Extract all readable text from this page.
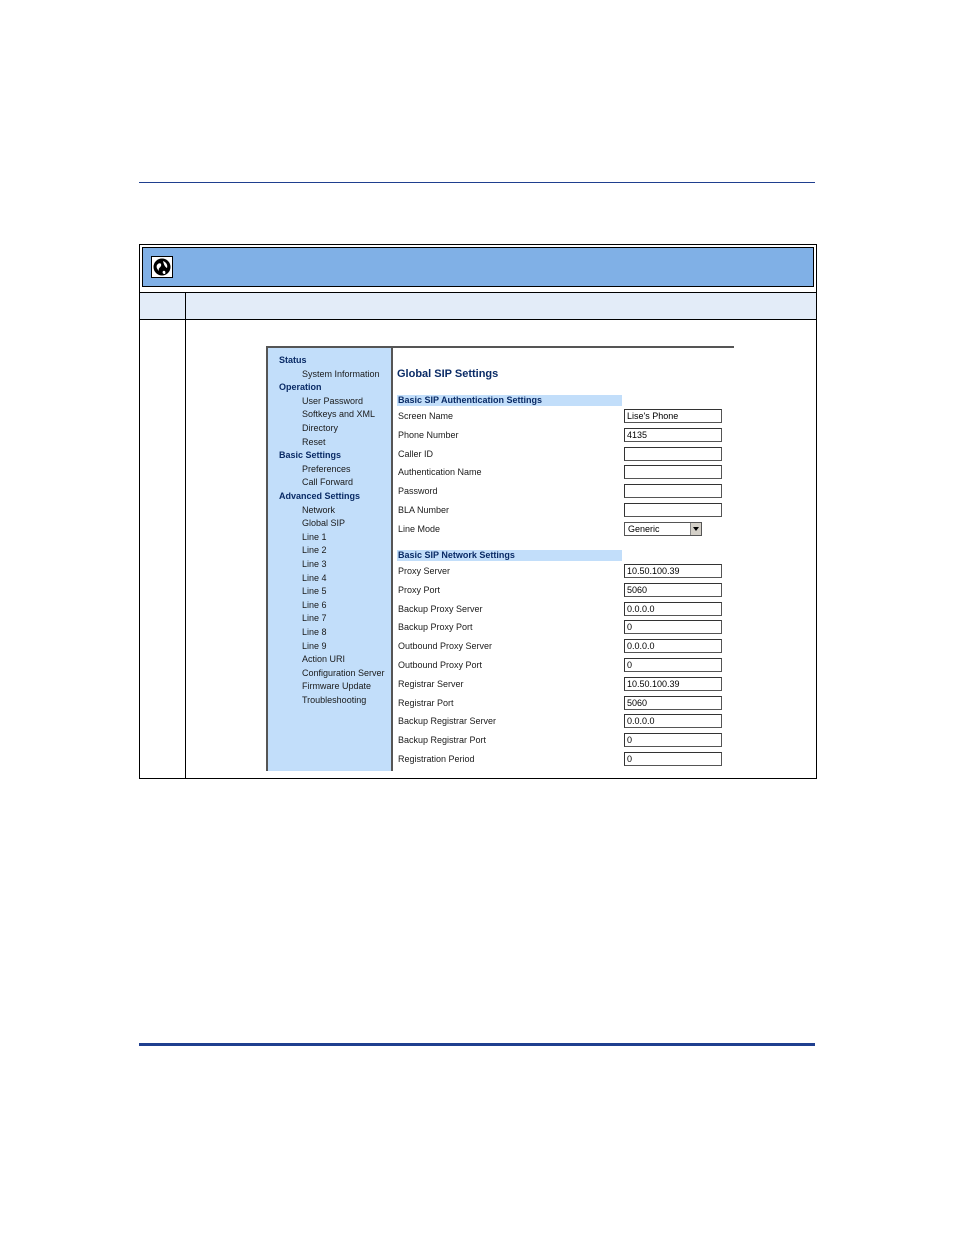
Status
System Information
Operation
User Password
Softkeys and XML
Directory
Reset
Basic Settings
Preferences
Call Forward
Advanced Settings
Network
Global SIP
Line 1
Line 2
Line 3
Line 4
Line 5
Line 6
Line 7
Line 8
Line 9
Action URI
Configuration Server
Firmware Update
Troubleshooting
Global SIP Settings
Basic SIP Authentication Settings
Screen Name	Lise's Phone
Phone Number	4135
Caller ID
Authentication Name
Password
BLA Number
Line Mode	Generic
Basic SIP Network Settings
Proxy Server	10.50.100.39
Proxy Port	5060
Backup Proxy Server	0.0.0.0
Backup Proxy Port	0
Outbound Proxy Server	0.0.0.0
Outbound Proxy Port	0
Registrar Server	10.50.100.39
Registrar Port	5060
Backup Registrar Server	0.0.0.0
Backup Registrar Port	0
Registration Period	0
